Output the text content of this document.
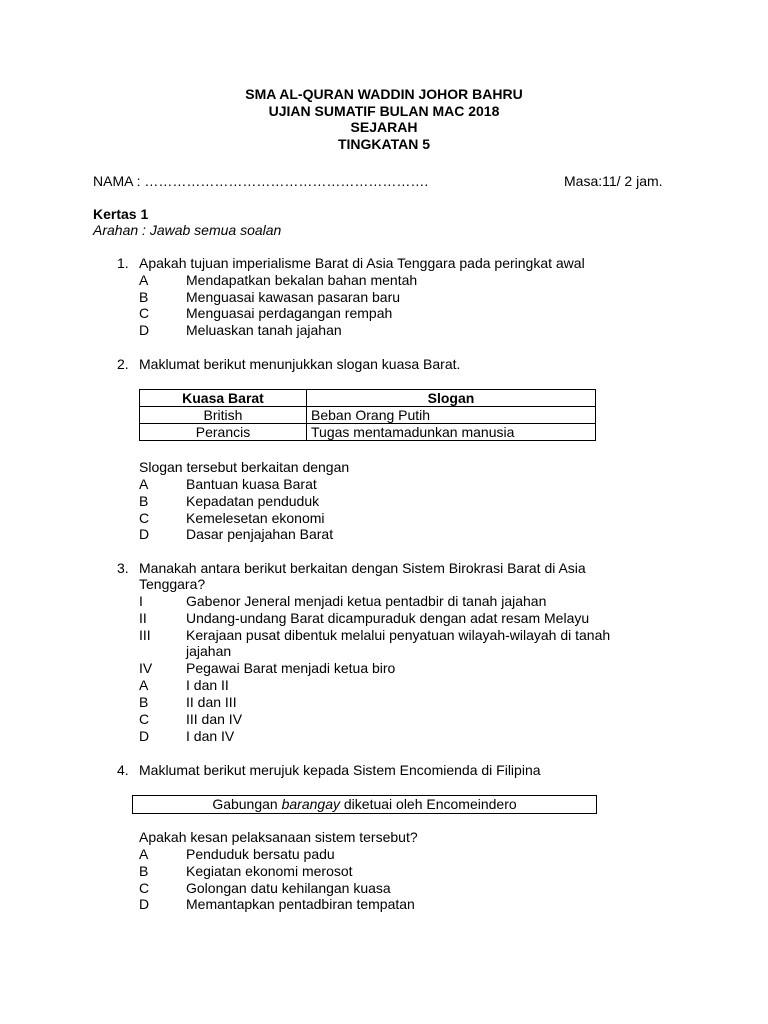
SMA AL-QURAN WADDIN JOHOR BAHRU
UJIAN SUMATIF BULAN MAC 2018
SEJARAH
TINGKATAN 5
NAMA : …………………………………………………….	Masa:11/ 2 jam.
Kertas 1
Arahan : Jawab semua soalan
1. Apakah tujuan imperialisme Barat di Asia Tenggara pada peringkat awal
A	Mendapatkan bekalan bahan mentah
B	Menguasai kawasan pasaran baru
C	Menguasai perdagangan rempah
D	Meluaskan tanah jajahan
2. Maklumat berikut menunjukkan slogan kuasa Barat.
Kuasa Barat	Slogan
British	Beban Orang Putih
Perancis	Tugas mentamadunkan manusia
Slogan tersebut berkaitan dengan
A	Bantuan kuasa Barat
B	Kepadatan penduduk
C	Kemelesetan ekonomi
D	Dasar penjajahan Barat
3. Manakah antara berikut berkaitan dengan Sistem Birokrasi Barat di Asia
Tenggara?
I	Gabenor Jeneral menjadi ketua pentadbir di tanah jajahan
II	Undang-undang Barat dicampuraduk dengan adat resam Melayu
III	Kerajaan pusat dibentuk melalui penyatuan wilayah-wilayah di tanah
jajahan
IV Pegawai Barat menjadi ketua biro
A	I dan II
B	II dan III
C	III dan IV
D	I dan IV
4. Maklumat berikut merujuk kepada Sistem Encomienda di Filipina
Gabungan barangay diketuai oleh Encomeindero
Apakah kesan pelaksanaan sistem tersebut?
A	Penduduk bersatu padu
B	Kegiatan ekonomi merosot
C	Golongan datu kehilangan kuasa
D	Memantapkan pentadbiran tempatan
